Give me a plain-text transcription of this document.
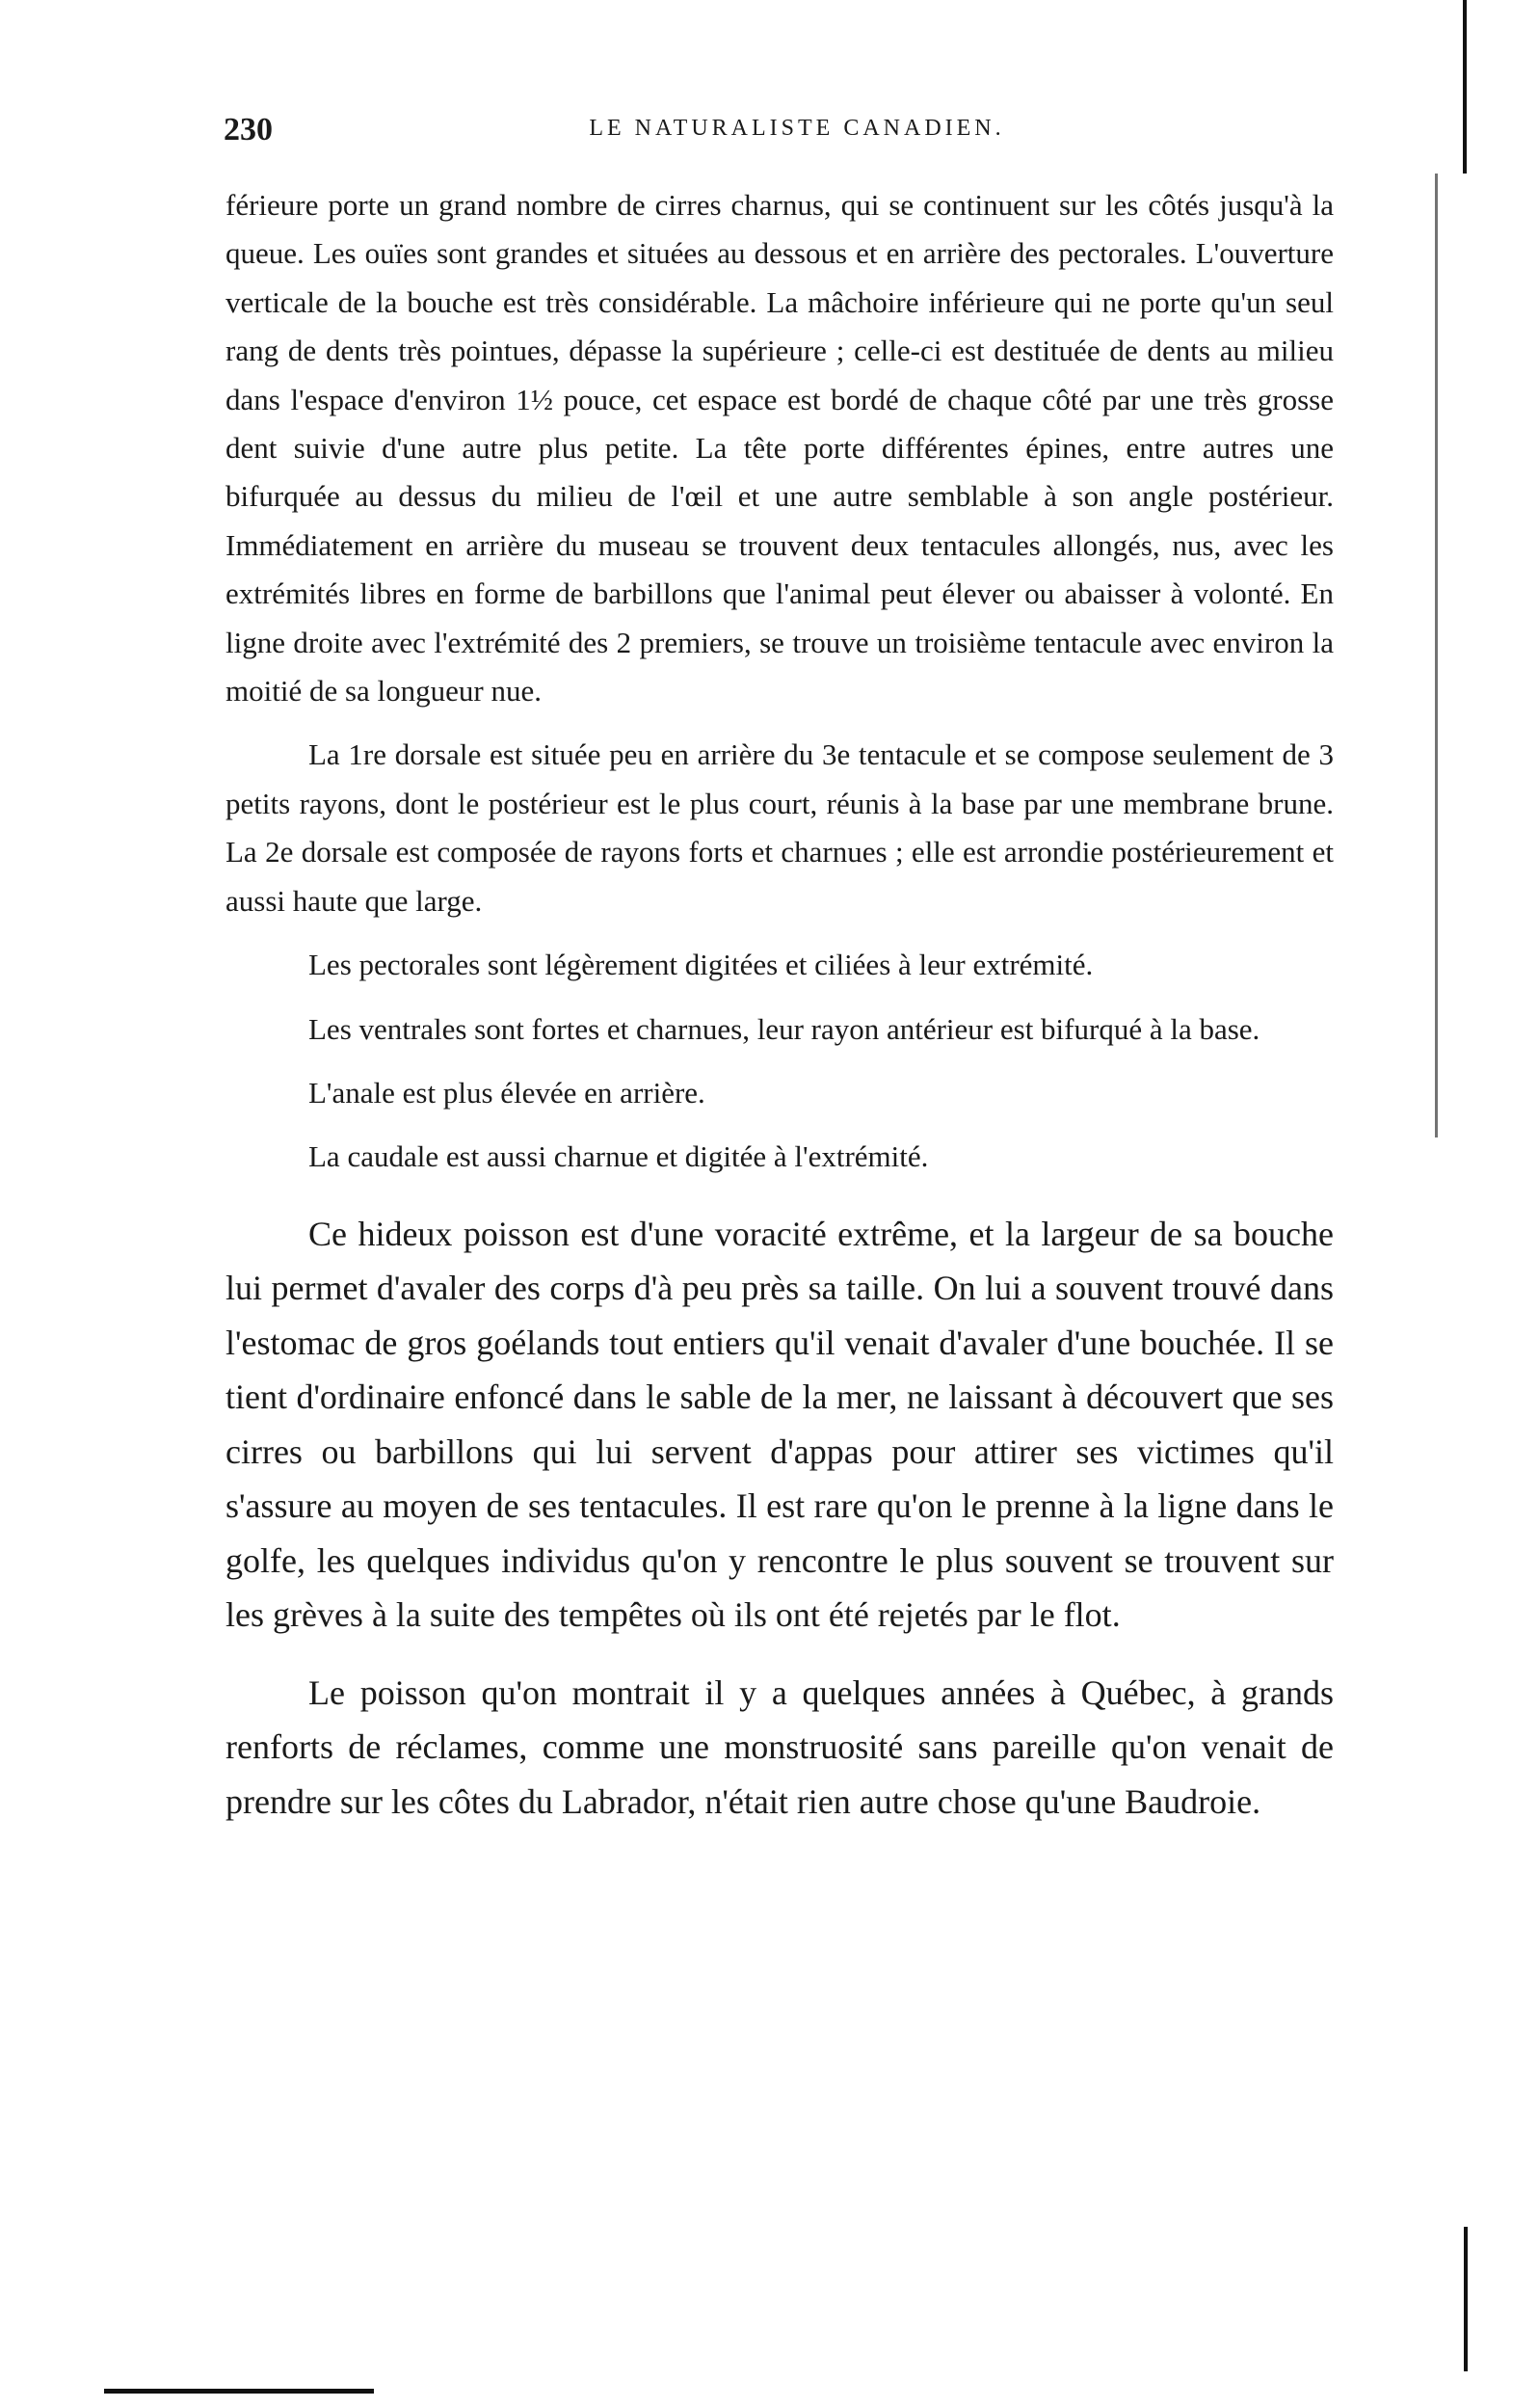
230	LE NATURALISTE CANADIEN.

férieure porte un grand nombre de cirres charnus, qui se continuent sur les côtés jusqu'à la queue. Les ouïes sont grandes et situées au dessous et en arrière des pectorales. L'ouverture verticale de la bouche est très considérable. La mâchoire inférieure qui ne porte qu'un seul rang de dents très pointues, dépasse la supérieure ; celle-ci est destituée de dents au milieu dans l'espace d'environ 1½ pouce, cet espace est bordé de chaque côté par une très grosse dent suivie d'une autre plus petite. La tête porte différentes épines, entre autres une bifurquée au dessus du milieu de l'œil et une autre semblable à son angle postérieur. Immédiatement en arrière du museau se trouvent deux tentacules allongés, nus, avec les extrémités libres en forme de barbillons que l'animal peut élever ou abaisser à volonté. En ligne droite avec l'extrémité des 2 premiers, se trouve un troisième tentacule avec environ la moitié de sa longueur nue.

La 1re dorsale est située peu en arrière du 3e tentacule et se compose seulement de 3 petits rayons, dont le postérieur est le plus court, réunis à la base par une membrane brune. La 2e dorsale est composée de rayons forts et charnues ; elle est arrondie postérieurement et aussi haute que large.

Les pectorales sont légèrement digitées et ciliées à leur extrémité.

Les ventrales sont fortes et charnues, leur rayon antérieur est bifurqué à la base.

L'anale est plus élevée en arrière.

La caudale est aussi charnue et digitée à l'extrémité.

Ce hideux poisson est d'une voracité extrême, et la largeur de sa bouche lui permet d'avaler des corps d'à peu près sa taille. On lui a souvent trouvé dans l'estomac de gros goélands tout entiers qu'il venait d'avaler d'une bouchée. Il se tient d'ordinaire enfoncé dans le sable de la mer, ne laissant à découvert que ses cirres ou barbillons qui lui servent d'appas pour attirer ses victimes qu'il s'assure au moyen de ses tentacules. Il est rare qu'on le prenne à la ligne dans le golfe, les quelques individus qu'on y rencontre le plus souvent se trouvent sur les grèves à la suite des tempêtes où ils ont été rejetés par le flot.

Le poisson qu'on montrait il y a quelques années à Québec, à grands renforts de réclames, comme une monstruosité sans pareille qu'on venait de prendre sur les côtes du Labrador, n'était rien autre chose qu'une Baudroie.
